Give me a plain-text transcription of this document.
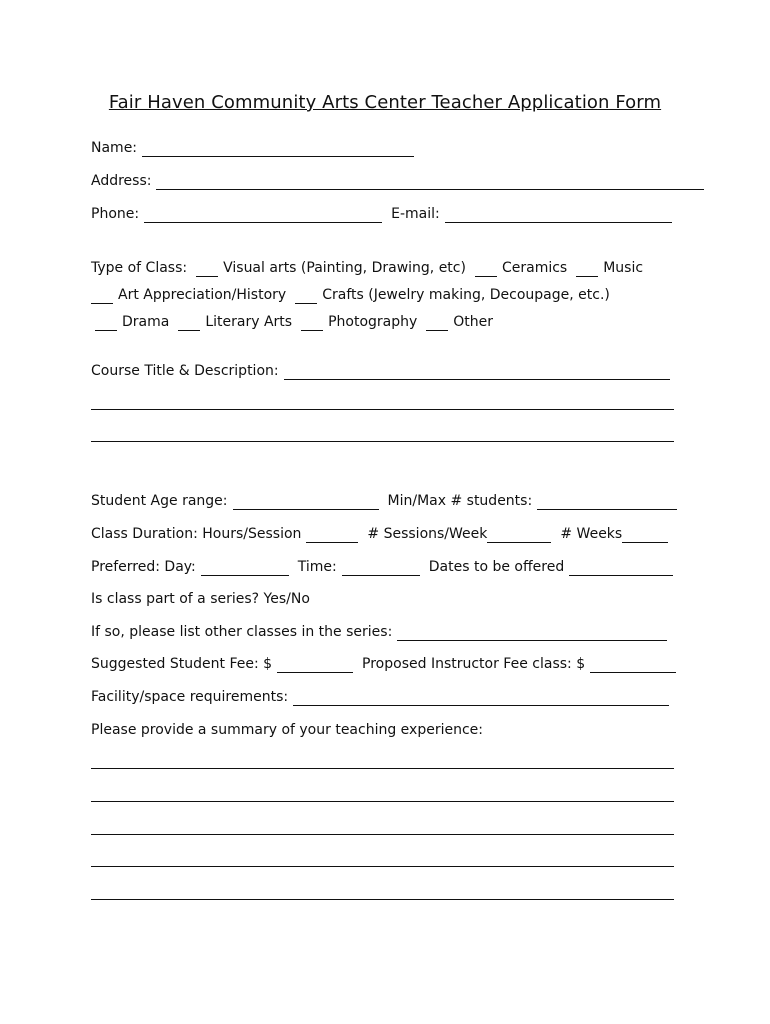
Fair Haven Community Arts Center Teacher Application Form
Name:
Address:
Phone:	E-mail:
Type of Class:	Visual arts (Painting, Drawing, etc)	Ceramics	Music
Art Appreciation/History	Crafts (Jewelry making, Decoupage, etc.)
Drama	Literary Arts	Photography	Other
Course Title & Description:
Student Age range:	Min/Max # students:
Class Duration: Hours/Session	# Sessions/Week	# Weeks
Preferred: Day:	Time:	Dates to be offered
Is class part of a series? Yes/No
If so, please list other classes in the series:
Suggested Student Fee: $	Proposed Instructor Fee class: $
Facility/space requirements:
Please provide a summary of your teaching experience:
